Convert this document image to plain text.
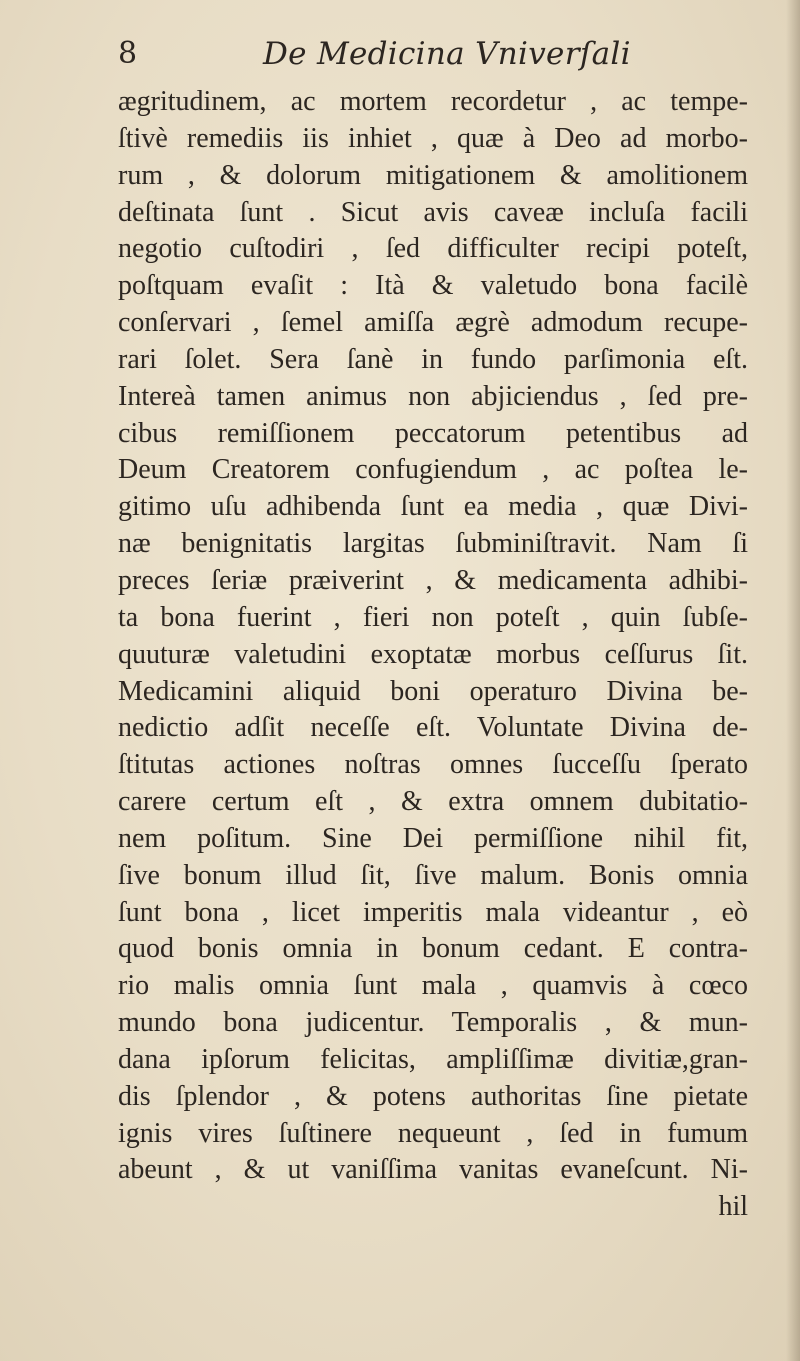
8	De Medicina Vniverſali
ægritudinem, ac mortem recordetur , ac tempe-
ſtivè remediis iis inhiet , quæ à Deo ad morbo-
rum , & dolorum mitigationem & amolitionem
deſtinata ſunt . Sicut avis caveæ incluſa facili
negotio cuſtodiri , ſed difficulter recipi poteſt,
poſtquam evaſit : Ità & valetudo bona facilè
conſervari , ſemel amiſſa ægrè admodum recupe-
rari ſolet. Sera ſanè in fundo parſimonia eſt.
Intereà tamen animus non abjiciendus , ſed pre-
cibus remiſſionem peccatorum petentibus ad
Deum Creatorem confugiendum , ac poſtea le-
gitimo uſu adhibenda ſunt ea media , quæ Divi-
næ benignitatis largitas ſubminiſtravit. Nam ſi
preces ſeriæ præiverint , & medicamenta adhibi-
ta bona fuerint , fieri non poteſt , quin ſubſe-
quuturæ valetudini exoptatæ morbus ceſſurus ſit.
Medicamini aliquid boni operaturo Divina be-
nedictio adſit neceſſe eſt. Voluntate Divina de-
ſtitutas actiones noſtras omnes ſucceſſu ſperato
carere certum eſt , & extra omnem dubitatio-
nem poſitum. Sine Dei permiſſione nihil fit,
ſive bonum illud ſit, ſive malum. Bonis omnia
ſunt bona , licet imperitis mala videantur , eò
quod bonis omnia in bonum cedant. E contra-
rio malis omnia ſunt mala , quamvis à cœco
mundo bona judicentur. Temporalis , & mun-
dana ipſorum felicitas, ampliſſimæ divitiæ,gran-
dis ſplendor , & potens authoritas ſine pietate
ignis vires ſuſtinere nequeunt , ſed in fumum
abeunt , & ut vaniſſima vanitas evaneſcunt. Ni-
hil
